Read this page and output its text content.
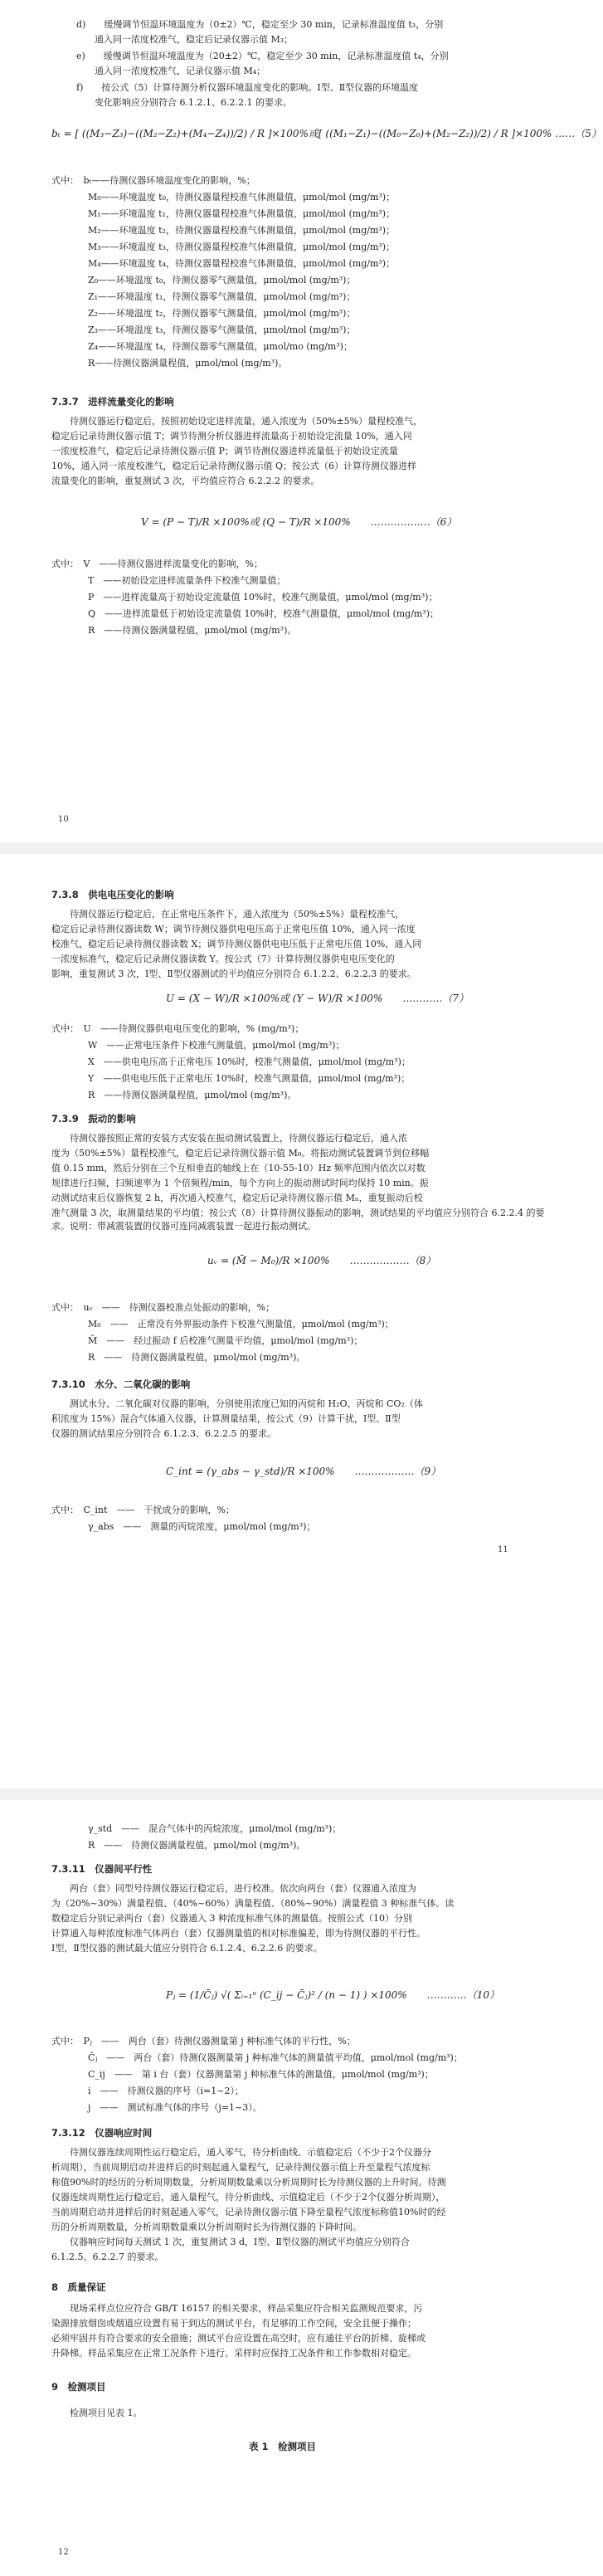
d)　　缓慢调节恒温环境温度为（0±2）℃，稳定至少 30 min，记录标准温度值 t₃，分别
　　通入同一浓度校准气，稳定后记录仪器示值 M₃；
e)　　缓慢调节恒温环境温度为（20±2）℃，稳定至少 30 min，记录标准温度值 t₄，分别
　　通入同一浓度校准气，记录仪器示值 M₄；
f)　　按公式（5）计算待测分析仪器环境温度变化的影响。Ⅰ型、Ⅱ型仪器的环境温度
　　变化影响应分别符合 6.1.2.1、6.2.2.1 的要求。
bₜ = [ ((M₃−Z₃)−((M₂−Z₂)+(M₄−Z₄))/2) / R ]×100%或[ ((M₁−Z₁)−((M₀−Z₀)+(M₂−Z₂))/2) / R ]×100% ……（5）
式中：　bₜ——待测仪器环境温度变化的影响，%；
　　　　M₀——环境温度 t₀，待测仪器量程校准气体测量值，μmol/mol (mg/m³)；
　　　　M₁——环境温度 t₁，待测仪器量程校准气体测量值，μmol/mol (mg/m³)；
　　　　M₂——环境温度 t₂，待测仪器量程校准气体测量值，μmol/mol (mg/m³)；
　　　　M₃——环境温度 t₃，待测仪器量程校准气体测量值，μmol/mol (mg/m³)；
　　　　M₄——环境温度 t₄，待测仪器量程校准气体测量值，μmol/mol (mg/m³)；
　　　　Z₀——环境温度 t₀，待测仪器零气测量值，μmol/mol (mg/m³)；
　　　　Z₁——环境温度 t₁，待测仪器零气测量值，μmol/mol (mg/m³)；
　　　　Z₂——环境温度 t₂，待测仪器零气测量值，μmol/mol (mg/m³)；
　　　　Z₃——环境温度 t₃，待测仪器零气测量值，μmol/mol (mg/m³)；
　　　　Z₄——环境温度 t₄，待测仪器零气测量值，μmol/mo (mg/m³)；
　　　　R——待测仪器满量程值，μmol/mol (mg/m³)。
7.3.7　进样流量变化的影响
　　待测仪器运行稳定后，按照初始设定进样流量，通入浓度为（50%±5%）量程校准气，
稳定后记录待测仪器示值 T；调节待测分析仪器进样流量高于初始设定流量 10%，通入同
一浓度校准气，稳定后记录待测仪器示值 P；调节待测仪器进样流量低于初始设定流量
10%，通入同一浓度校准气，稳定后记录待测仪器示值 Q；按公式（6）计算待测仪器进样
流量变化的影响，重复测试 3 次，平均值应符合 6.2.2.2 的要求。
V = (P − T)/R ×100%或 (Q − T)/R ×100%　　………………（6）
式中：　V　——待测仪器进样流量变化的影响，%；
　　　　T　——初始设定进样流量条件下校准气测量值；
　　　　P　——进样流量高于初始设定流量值 10%时，校准气测量值，μmol/mol (mg/m³)；
　　　　Q　——进样流量低于初始设定流量值 10%时，校准气测量值，μmol/mol (mg/m³)；
　　　　R　——待测仪器满量程值，μmol/mol (mg/m³)。
10
7.3.8　供电电压变化的影响
　　待测仪器运行稳定后，在正常电压条件下，通入浓度为（50%±5%）量程校准气，
稳定后记录待测仪器读数 W；调节待测仪器供电电压高于正常电压值 10%，通入同一浓度
校准气，稳定后记录待测仪器读数 X；调节待测仪器供电电压低于正常电压值 10%，通入同
一浓度标准气，稳定后记录测仪器读数 Y。按公式（7）计算待测仪器供电电压变化的
影响，重复测试 3 次，Ⅰ型、Ⅱ型仪器测试的平均值应分别符合 6.1.2.2、6.2.2.3 的要求。
U = (X − W)/R ×100%或 (Y − W)/R ×100%　　…………（7）
式中：　U　——待测仪器供电电压变化的影响，% (mg/m³)；
　　　　W　——正常电压条件下校准气测量值，μmol/mol (mg/m³)；
　　　　X　——供电电压高于正常电压 10%时，校准气测量值，μmol/mol (mg/m³)；
　　　　Y　——供电电压低于正常电压 10%时，校准气测量值，μmol/mol (mg/m³)；
　　　　R　——待测仪器满量程值，μmol/mol (mg/m³)。
7.3.9　振动的影响
　　待测仪器按照正常的安装方式安装在振动测试装置上，待测仪器运行稳定后，通入浓
度为（50%±5%）量程校准气，稳定后记录待测仪器示值 M₀。将振动测试装置调节到位移幅
值 0.15 mm，然后分别在三个互相垂直的轴线上在（10-55-10）Hz 频率范围内依次以对数
规律进行扫频，扫频速率为 1 个倍频程/min，每个方向上的振动测试时间均保持 10 min。振
动测试结束后仪器恢复 2 h，再次通入校准气，稳定后记录待测仪器示值 Mₙ，重复振动后校
准气测量 3 次，取测量结果的平均值；按公式（8）计算待测仪器振动的影响，测试结果的平均值应分别符合 6.2.2.4 的要求。说明：带减震装置的仪器可连同减震装置一起进行振动测试。
uᵥ = (M̄ − M₀)/R ×100%　　………………（8）
式中：　uᵥ　——　待测仪器校准点处振动的影响，%；
　　　　M₀　——　正常没有外界振动条件下校准气测量值，μmol/mol (mg/m³)；
　　　　M̄　——　经过振动 f 后校准气测量平均值，μmol/mol (mg/m³)；
　　　　R　——　待测仪器满量程值，μmol/mol (mg/m³)。
7.3.10　水分、二氧化碳的影响
　　测试水分、二氧化碳对仪器的影响，分别使用浓度已知的丙烷和 H₂O、丙烷和 CO₂（体
积浓度为 15%）混合气体通入仪器，计算测量结果，按公式（9）计算干扰，Ⅰ型、Ⅱ型
仪器的测试结果应分别符合 6.1.2.3、6.2.2.5 的要求。
C_int = (γ_abs − γ_std)/R ×100%　　………………（9）
式中：　C_int　——　干扰成分的影响，%；
　　　　γ_abs　——　测量的丙烷浓度，μmol/mol (mg/m³)；
11
　　　　γ_std　——　混合气体中的丙烷浓度，μmol/mol (mg/m³)；
　　　　R　——　待测仪器满量程值，μmol/mol (mg/m³)。
7.3.11　仪器间平行性
　　两台（套）同型号待测仪器运行稳定后，进行校准。依次向两台（套）仪器通入浓度为
为（20%~30%）满量程值、（40%~60%）满量程值、（80%~90%）满量程值 3 种标准气体。读
数稳定后分别记录两台（套）仪器通入 3 种浓度标准气体的测量值。按照公式（10）分别
计算通入每种浓度标准气体两台（套）仪器测量值的相对标准偏差，即为待测仪器的平行性。
Ⅰ型，Ⅱ型仪器的测试最大值应分别符合 6.1.2.4、6.2.2.6 的要求。
Pⱼ = (1/C̄ⱼ) √( Σᵢ₌₁ⁿ (C_ij − C̄ⱼ)² / (n − 1) ) ×100%　　…………（10）
式中：　Pⱼ　——　两台（套）待测仪器测量第 j 种标准气体的平行性，%；
　　　　C̄ⱼ　——　两台（套）待测仪器测量第 j 种标准气体的测量值平均值，μmol/mol (mg/m³)；
　　　　C_ij　——　第 i 台（套）仪器测量第 j 种标准气体的测量值，μmol/mol (mg/m³)；
　　　　i　——　待测仪器的序号（i=1~2）；
　　　　j　——　测试标准气体的序号（j=1~3）。
7.3.12　仪器响应时间
　　待测仪器连续周期性运行稳定后，通入零气，待分析曲线、示值稳定后（不少于2个仪器分
析周期），当前周期启动并进样后的时刻起通入量程气，记录待测仪器示值上升至量程气浓度标
称值90%时的经历的分析周期数量，分析周期数量乘以分析周期时长为待测仪器的上升时间。待测
仪器连续周期性运行稳定后，通入量程气，待分析曲线、示值稳定后（不少于2个仪器分析周期），
当前周期启动并进样后的时刻起通入零气，记录待测仪器示值下降至量程气浓度标称值10%时的经
历的分析周期数量，分析周期数量乘以分析周期时长为待测仪器的下降时间。
　　仪器响应时间每天测试 1 次，重复测试 3 d，Ⅰ型、Ⅱ型仪器的测试平均值应分别符合
6.1.2.5、6.2.2.7 的要求。
8　质量保证
　　现场采样点位应符合 GB/T 16157 的相关要求，样品采集应符合相关监测规范要求，污
染源排放烟囱或烟道应设置有易于到达的测试平台，有足够的工作空间，安全且便于操作；
必须牢固并有符合要求的安全措施；测试平台应设置在高空时，应有通往平台的折梯、旋梯或
升降梯。样品采集应在正常工况条件下进行。采样时应保持工况条件和工作参数相对稳定。
9　检测项目
　　检测项目见表 1。
表 1　检测项目
12
